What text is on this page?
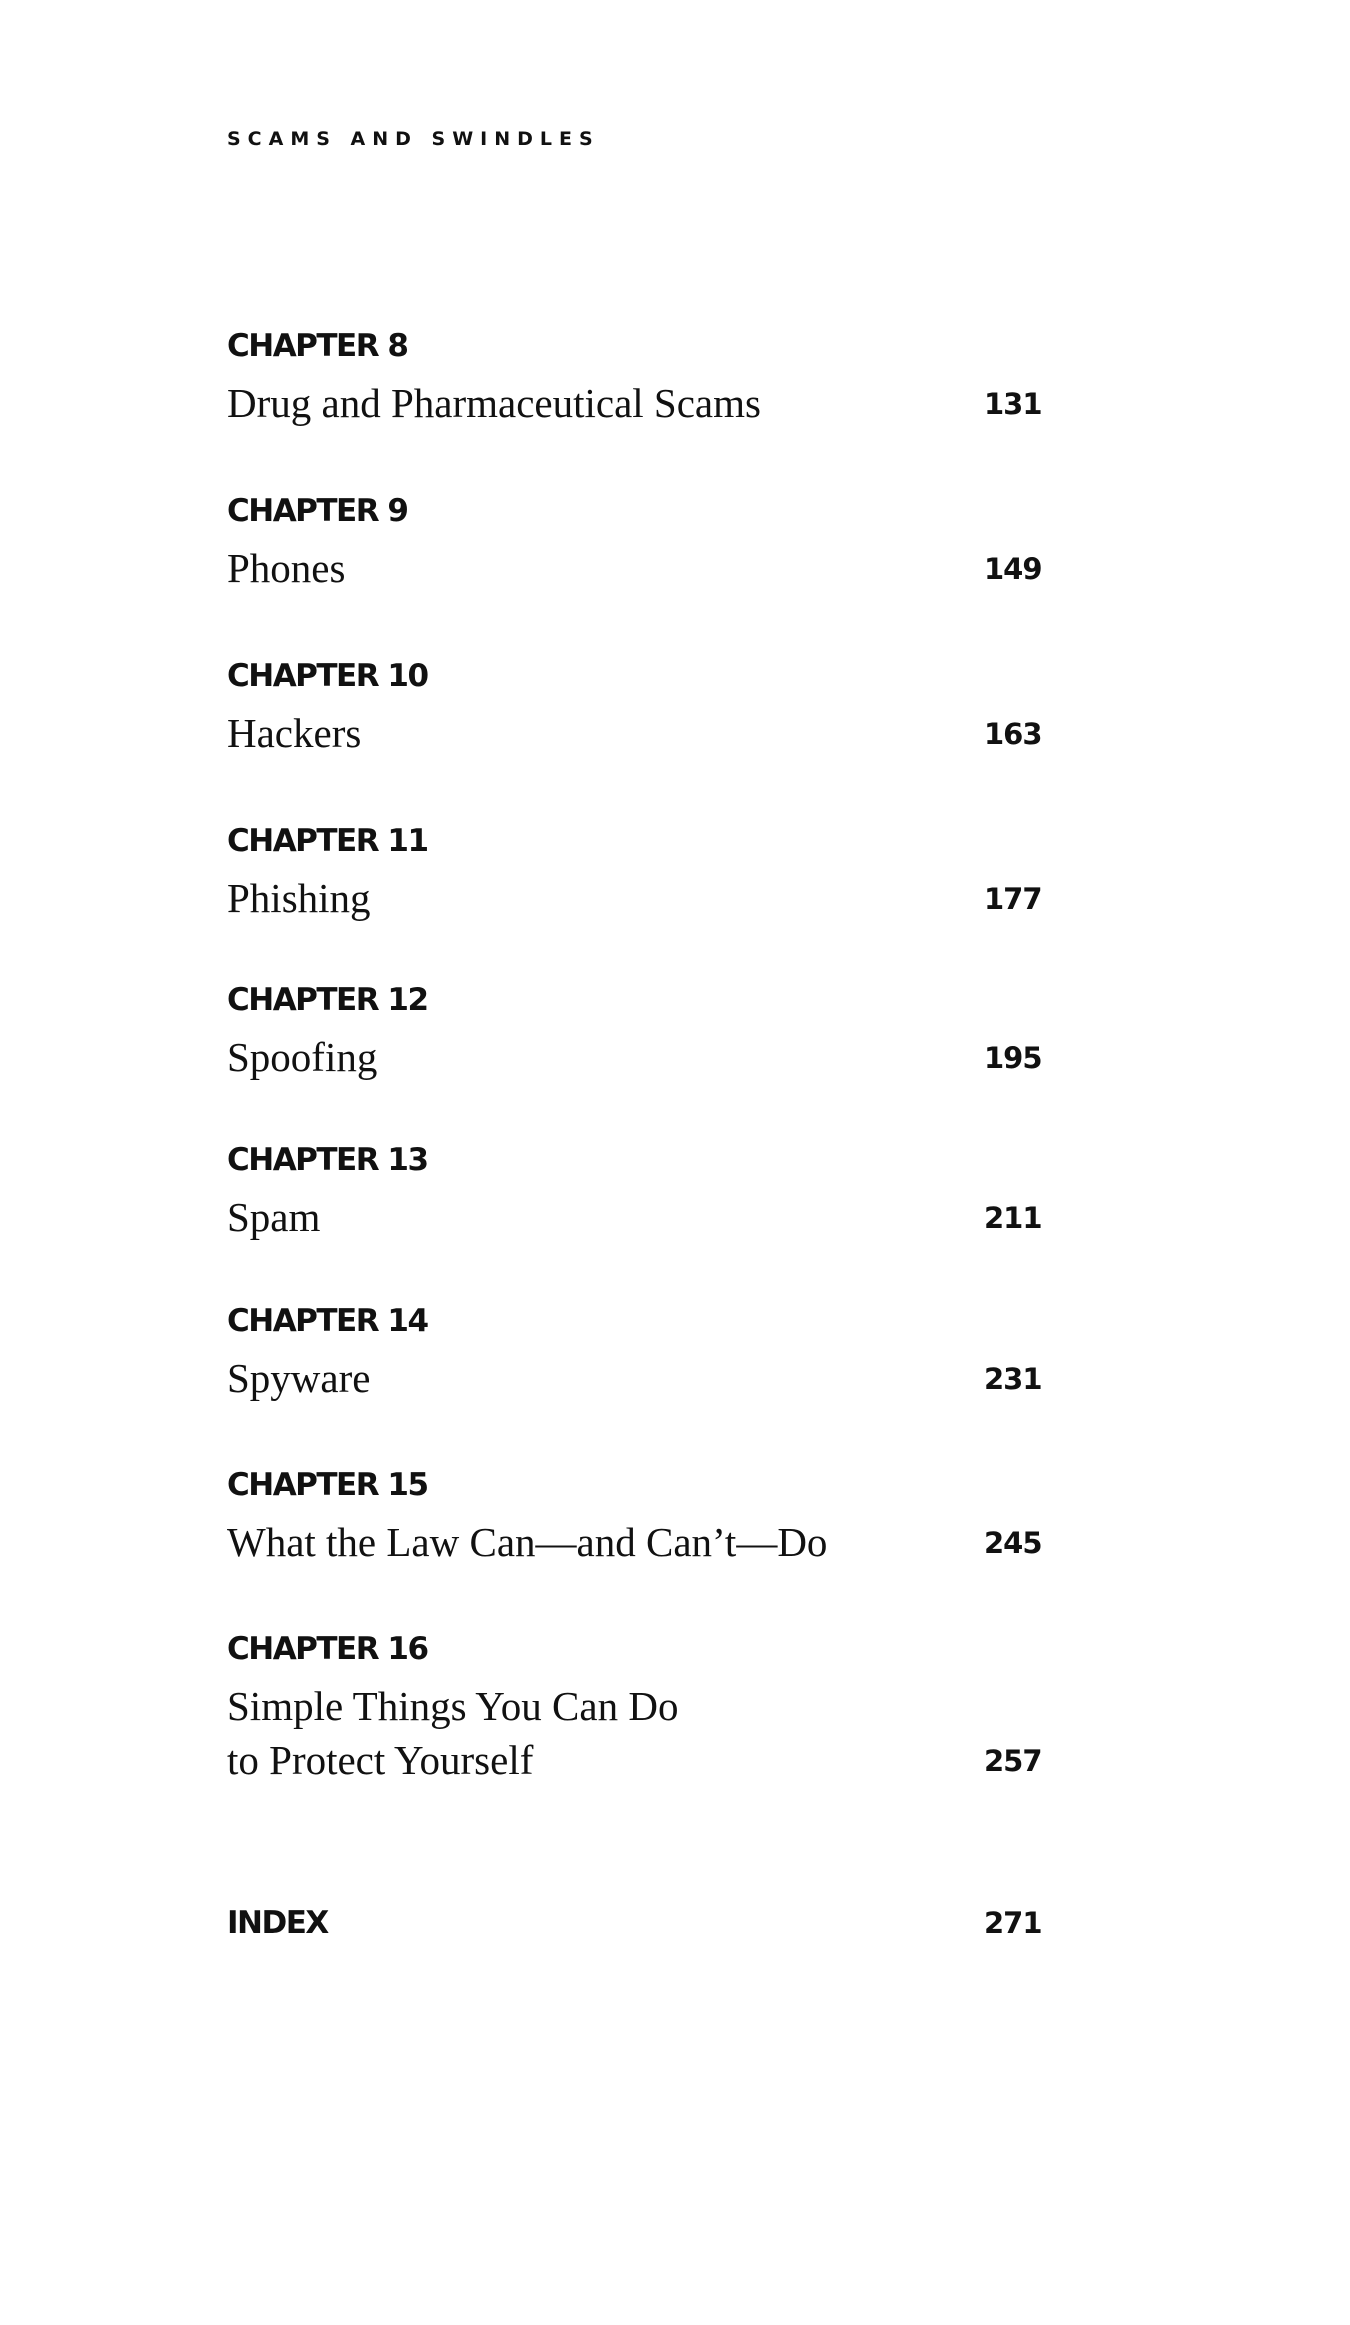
SCAMS AND SWINDLES
CHAPTER 8
Drug and Pharmaceutical Scams	131
CHAPTER 9
Phones	149
CHAPTER 10
Hackers	163
CHAPTER 11
Phishing	177
CHAPTER 12
Spoofing	195
CHAPTER 13
Spam	211
CHAPTER 14
Spyware	231
CHAPTER 15
What the Law Can—and Can’t—Do	245
CHAPTER 16
Simple Things You Can Do
to Protect Yourself	257
INDEX	271
